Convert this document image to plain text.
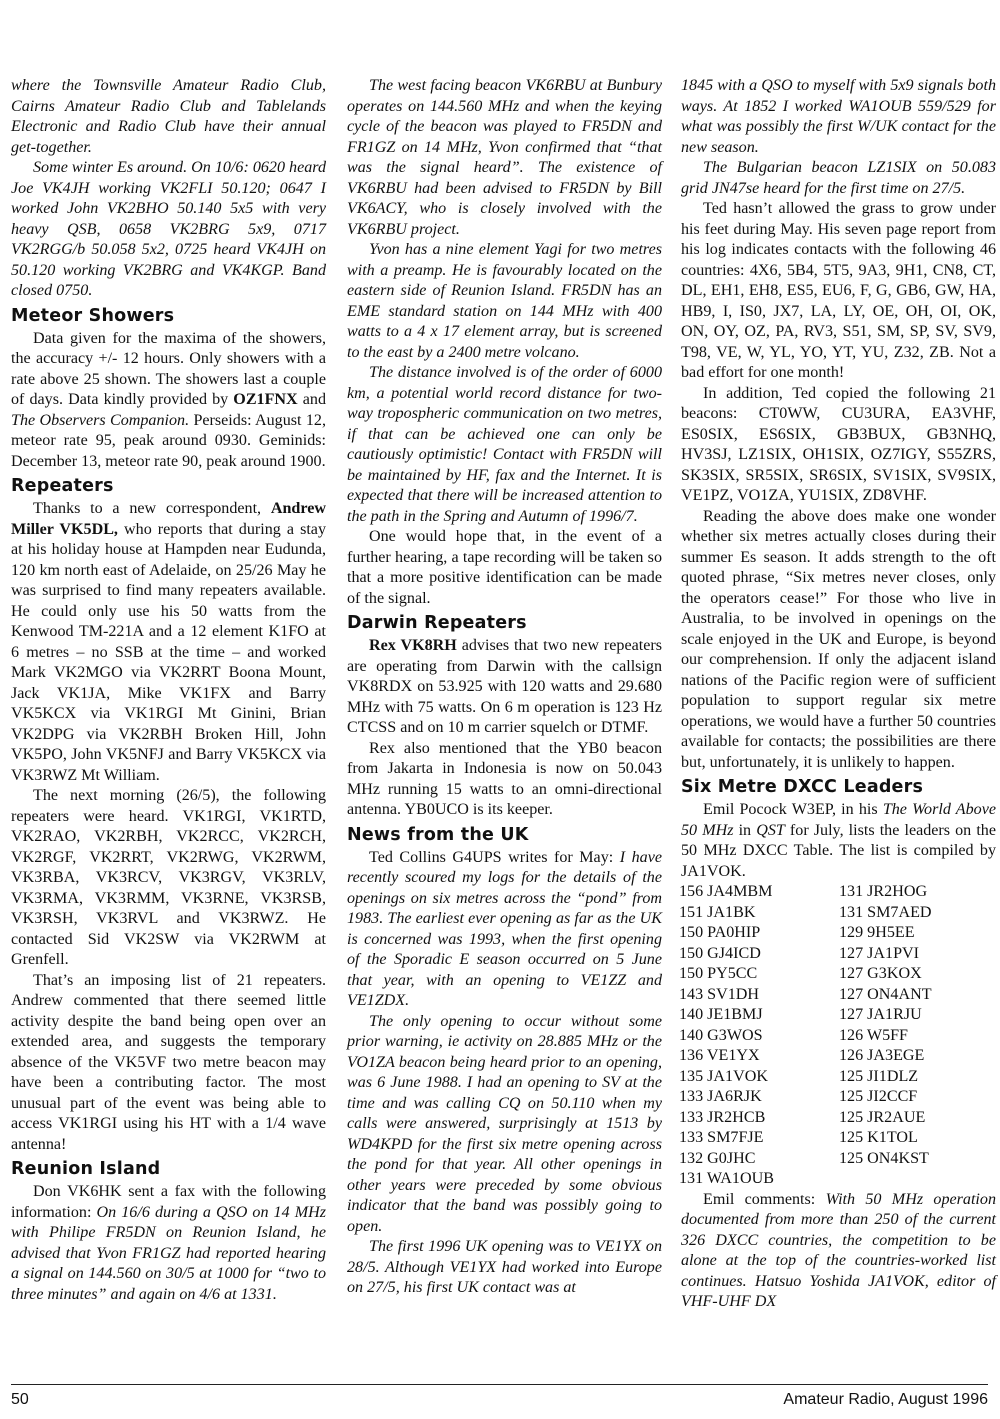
where the Townsville Amateur Radio Club, Cairns Amateur Radio Club and Tablelands Electronic and Radio Club have their annual get-together.

Some winter Es around. On 10/6: 0620 heard Joe VK4JH working VK2FLI 50.120; 0647 I worked John VK2BHO 50.140 5x5 with very heavy QSB, 0658 VK2BRG 5x9, 0717 VK2RGG/b 50.058 5x2, 0725 heard VK4JH on 50.120 working VK2BRG and VK4KGP. Band closed 0750.

Meteor Showers

Data given for the maxima of the showers, the accuracy +/- 12 hours. Only showers with a rate above 25 shown. The showers last a couple of days. Data kindly provided by OZ1FNX and The Observers Companion. Perseids: August 12, meteor rate 95, peak around 0930. Geminids: December 13, meteor rate 90, peak around 1900.

Repeaters

Thanks to a new correspondent, Andrew Miller VK5DL, who reports that during a stay at his holiday house at Hampden near Eudunda, 120 km north east of Adelaide, on 25/26 May he was surprised to find many repeaters available. He could only use his 50 watts from the Kenwood TM-221A and a 12 element K1FO at 6 metres – no SSB at the time – and worked Mark VK2MGO via VK2RRT Boona Mount, Jack VK1JA, Mike VK1FX and Barry VK5KCX via VK1RGI Mt Ginini, Brian VK2DPG via VK2RBH Broken Hill, John VK5PO, John VK5NFJ and Barry VK5KCX via VK3RWZ Mt William.

The next morning (26/5), the following repeaters were heard. VK1RGI, VK1RTD, VK2RAO, VK2RBH, VK2RCC, VK2RCH, VK2RGF, VK2RRT, VK2RWG, VK2RWM, VK3RBA, VK3RCV, VK3RGV, VK3RLV, VK3RMA, VK3RMM, VK3RNE, VK3RSB, VK3RSH, VK3RVL and VK3RWZ. He contacted Sid VK2SW via VK2RWM at Grenfell.

That’s an imposing list of 21 repeaters. Andrew commented that there seemed little activity despite the band being open over an extended area, and suggests the temporary absence of the VK5VF two metre beacon may have been a contributing factor. The most unusual part of the event was being able to access VK1RGI using his HT with a 1/4 wave antenna!

Reunion Island

Don VK6HK sent a fax with the following information: On 16/6 during a QSO on 14 MHz with Philipe FR5DN on Reunion Island, he advised that Yvon FR1GZ had reported hearing a signal on 144.560 on 30/5 at 1000 for “two to three minutes” and again on 4/6 at 1331.

The west facing beacon VK6RBU at Bunbury operates on 144.560 MHz and when the keying cycle of the beacon was played to FR5DN and FR1GZ on 14 MHz, Yvon confirmed that “that was the signal heard”. The existence of VK6RBU had been advised to FR5DN by Bill VK6ACY, who is closely involved with the VK6RBU project.

Yvon has a nine element Yagi for two metres with a preamp. He is favourably located on the eastern side of Reunion Island. FR5DN has an EME standard station on 144 MHz with 400 watts to a 4 x 17 element array, but is screened to the east by a 2400 metre volcano.

The distance involved is of the order of 6000 km, a potential world record distance for two-way tropospheric communication on two metres, if that can be achieved one can only be cautiously optimistic! Contact with FR5DN will be maintained by HF, fax and the Internet. It is expected that there will be increased attention to the path in the Spring and Autumn of 1996/7.

One would hope that, in the event of a further hearing, a tape recording will be taken so that a more positive identification can be made of the signal.

Darwin Repeaters

Rex VK8RH advises that two new repeaters are operating from Darwin with the callsign VK8RDX on 53.925 with 120 watts and 29.680 MHz with 75 watts. On 6 m operation is 123 Hz CTCSS and on 10 m carrier squelch or DTMF.

Rex also mentioned that the YB0 beacon from Jakarta in Indonesia is now on 50.043 MHz running 15 watts to an omni-directional antenna. YB0UCO is its keeper.

News from the UK

Ted Collins G4UPS writes for May: I have recently scoured my logs for the details of the openings on six metres across the “pond” from 1983. The earliest ever opening as far as the UK is concerned was 1993, when the first opening of the Sporadic E season occurred on 5 June that year, with an opening to VE1ZZ and VE1ZDX.

The only opening to occur without some prior warning, ie activity on 28.885 MHz or the VO1ZA beacon being heard prior to an opening, was 6 June 1988. I had an opening to SV at the time and was calling CQ on 50.110 when my calls were answered, surprisingly at 1513 by WD4KPD for the first six metre opening across the pond for that year. All other openings in other years were preceded by some obvious indicator that the band was possibly going to open.

The first 1996 UK opening was to VE1YX on 28/5. Although VE1YX had worked into Europe on 27/5, his first UK contact was at

1845 with a QSO to myself with 5x9 signals both ways. At 1852 I worked WA1OUB 559/529 for what was possibly the first W/UK contact for the new season.

The Bulgarian beacon LZ1SIX on 50.083 grid JN47se heard for the first time on 27/5.

Ted hasn’t allowed the grass to grow under his feet during May. His seven page report from his log indicates contacts with the following 46 countries: 4X6, 5B4, 5T5, 9A3, 9H1, CN8, CT, DL, EH1, EH8, ES5, EU6, F, G, GB6, GW, HA, HB9, I, IS0, JX7, LA, LY, OE, OH, OI, OK, ON, OY, OZ, PA, RV3, S51, SM, SP, SV, SV9, T98, VE, W, YL, YO, YT, YU, Z32, ZB. Not a bad effort for one month!

In addition, Ted copied the following 21 beacons: CT0WW, CU3URA, EA3VHF, ES0SIX, ES6SIX, GB3BUX, GB3NHQ, HV3SJ, LZ1SIX, OH1SIX, OZ7IGY, S55ZRS, SK3SIX, SR5SIX, SR6SIX, SV1SIX, SV9SIX, VE1PZ, VO1ZA, YU1SIX, ZD8VHF.

Reading the above does make one wonder whether six metres actually closes during their summer Es season. It adds strength to the oft quoted phrase, “Six metres never closes, only the operators cease!” For those who live in Australia, to be involved in openings on the scale enjoyed in the UK and Europe, is beyond our comprehension. If only the adjacent island nations of the Pacific region were of sufficient population to support regular six metre operations, we would have a further 50 countries available for contacts; the possibilities are there but, unfortunately, it is unlikely to happen.

Six Metre DXCC Leaders

Emil Pocock W3EP, in his The World Above 50 MHz in QST for July, lists the leaders on the 50 MHz DXCC Table. The list is compiled by JA1VOK.

156 JA4MBM	131 JR2HOG
151 JA1BK	131 SM7AED
150 PA0HIP	129 9H5EE
150 GJ4ICD	127 JA1PVI
150 PY5CC	127 G3KOX
143 SV1DH	127 ON4ANT
140 JE1BMJ	127 JA1RJU
140 G3WOS	126 W5FF
136 VE1YX	126 JA3EGE
135 JA1VOK	125 JI1DLZ
133 JA6RJK	125 JI2CCF
133 JR2HCB	125 JR2AUE
133 SM7FJE	125 K1TOL
132 G0JHC	125 ON4KST
131 WA1OUB

Emil comments: With 50 MHz operation documented from more than 250 of the current 326 DXCC countries, the competition to be alone at the top of the countries-worked list continues. Hatsuo Yoshida JA1VOK, editor of VHF-UHF DX

50	Amateur Radio, August 1996
